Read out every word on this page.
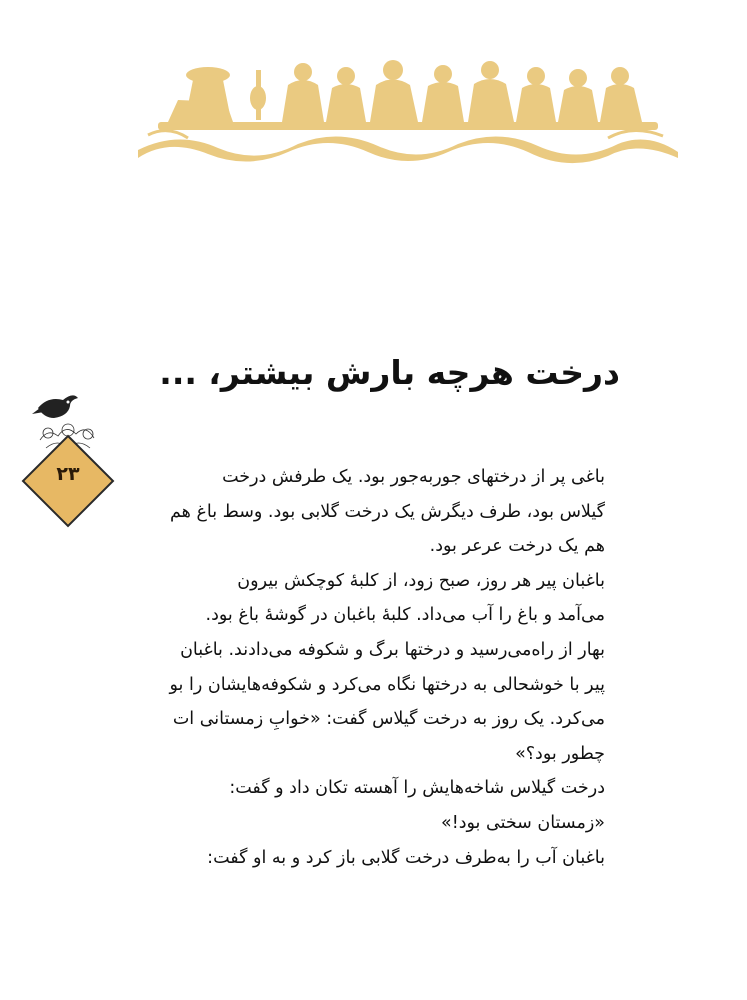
درخت هرچه بارش بیشتر، ...
۲۳	باغی پر از درختهای جوربه‌جور بود. یک طرفش درخت
گیلاس بود، طرف دیگرش یک درخت گلابی بود. وسط باغ هم
هم یک درخت عرعر بود.

باغبان پیر هر روز، صبح زود، از کلبهٔ کوچکش بیرون
می‌آمد و باغ را آب می‌داد. کلبهٔ باغبان در گوشهٔ باغ بود.

بهار از راه‌می‌رسید و درختها برگ و شکوفه می‌دادند. باغبان
پیر با خوشحالی به درختها نگاه می‌کرد و شکوفه‌هایشان را بو
می‌کرد. یک روز به درخت گیلاس گفت: «خوابِ زمستانی ات
چطور بود؟»

درخت گیلاس شاخه‌هایش را آهسته تکان داد و گفت:
«زمستان سختی بود!»

باغبان آب را به‌طرف درخت گلابی باز کرد و به او گفت:
